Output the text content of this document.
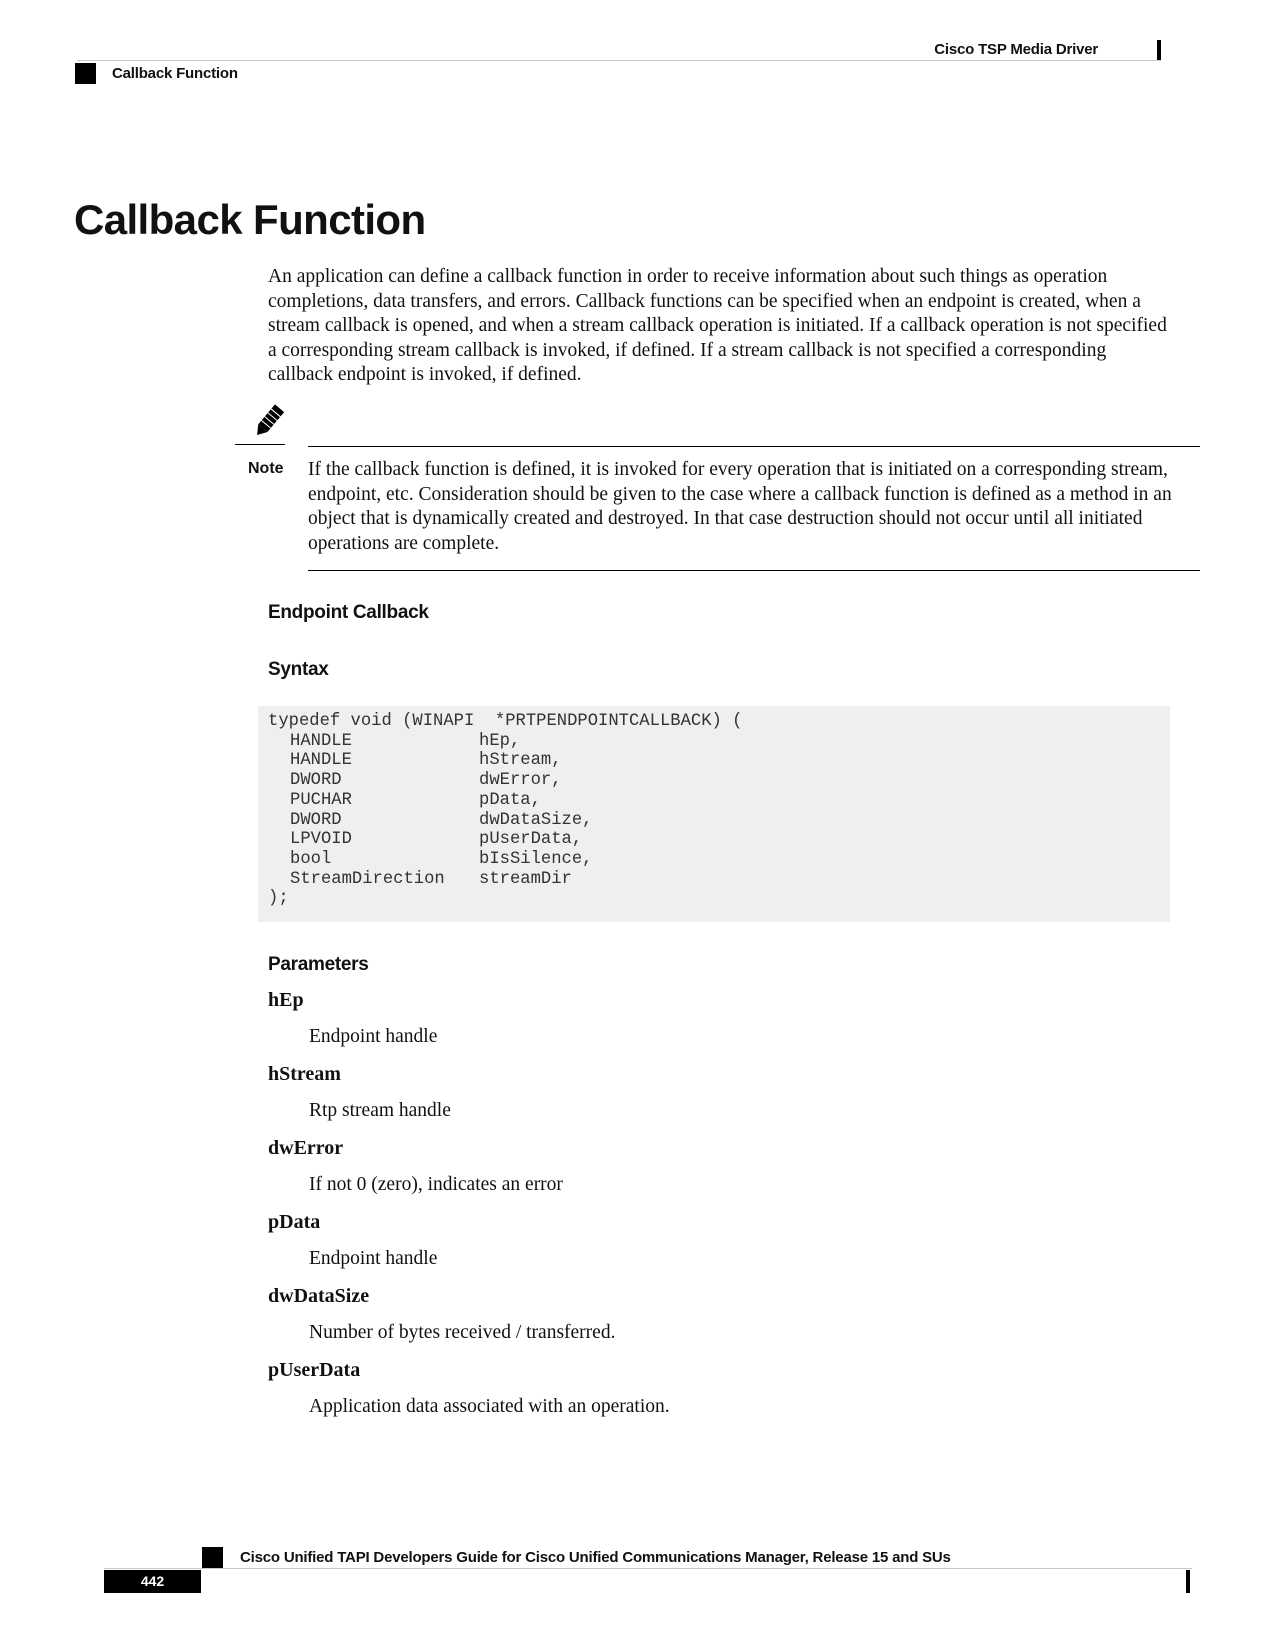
Cisco TSP Media Driver
Callback Function
Callback Function

An application can define a callback function in order to receive information about such things as operation completions, data transfers, and errors. Callback functions can be specified when an endpoint is created, when a stream callback is opened, and when a stream callback operation is initiated. If a callback operation is not specified a corresponding stream callback is invoked, if defined. If a stream callback is not specified a corresponding callback endpoint is invoked, if defined.

Note If the callback function is defined, it is invoked for every operation that is initiated on a corresponding stream, endpoint, etc. Consideration should be given to the case where a callback function is defined as a method in an object that is dynamically created and destroyed. In that case destruction should not occur until all initiated operations are complete.

Endpoint Callback
Syntax
typedef void (WINAPI  *PRTPENDPOINTCALLBACK) (
HANDLE	hEp,
HANDLE	hStream,
DWORD	dwError,
PUCHAR	pData,
DWORD	dwDataSize,
LPVOID	pUserData,
bool	bIsSilence,
StreamDirection streamDir
);
Parameters
hEp
Endpoint handle
hStream
Rtp stream handle
dwError
If not 0 (zero), indicates an error
pData
Endpoint handle
dwDataSize
Number of bytes received / transferred.
pUserData
Application data associated with an operation.
Cisco Unified TAPI Developers Guide for Cisco Unified Communications Manager, Release 15 and SUs
442
